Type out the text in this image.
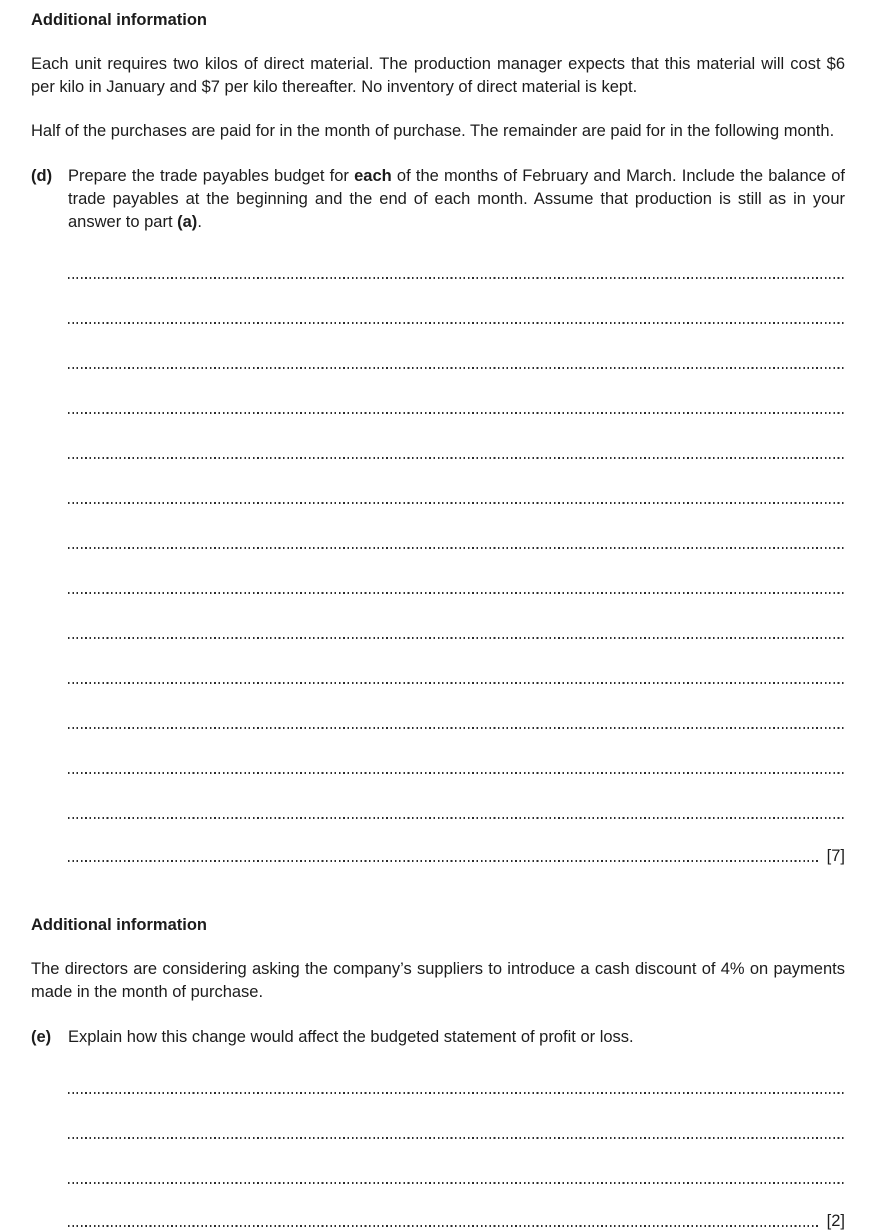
Additional information

Each unit requires two kilos of direct material. The production manager expects that this material will cost $6 per kilo in January and $7 per kilo thereafter. No inventory of direct material is kept.

Half of the purchases are paid for in the month of purchase. The remainder are paid for in the following month.

(d) Prepare the trade payables budget for each of the months of February and March. Include the balance of trade payables at the beginning and the end of each month. Assume that production is still as in your answer to part (a).

[7]
Additional information

The directors are considering asking the company’s suppliers to introduce a cash discount of 4% on payments made in the month of purchase.

(e) Explain how this change would affect the budgeted statement of profit or loss.

[2]
